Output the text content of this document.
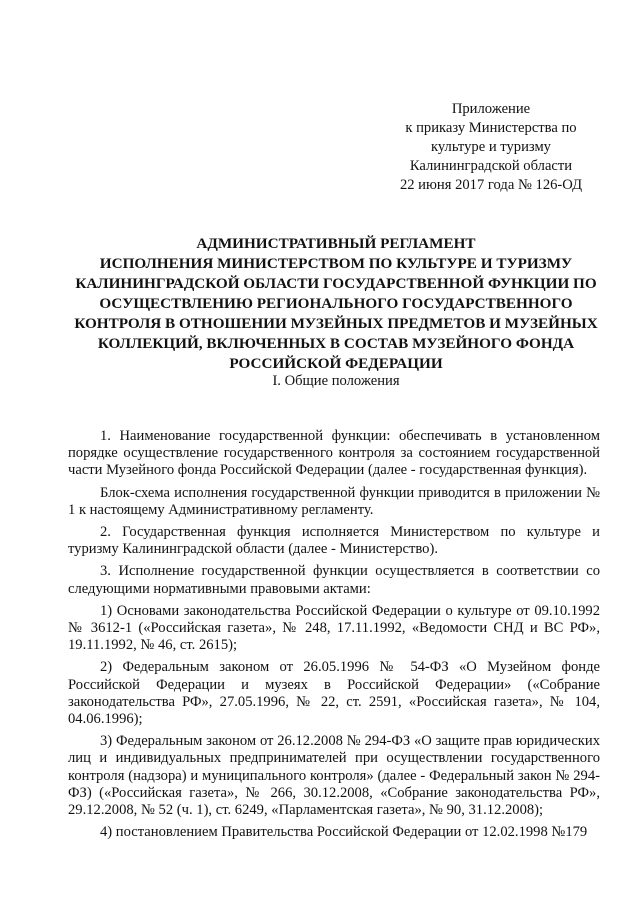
Приложение
к приказу Министерства по
культуре и туризму
Калининградской области
22 июня 2017 года № 126-ОД
АДМИНИСТРАТИВНЫЙ РЕГЛАМЕНТ
ИСПОЛНЕНИЯ МИНИСТЕРСТВОМ ПО КУЛЬТУРЕ И ТУРИЗМУ
КАЛИНИНГРАДСКОЙ ОБЛАСТИ ГОСУДАРСТВЕННОЙ ФУНКЦИИ ПО
ОСУЩЕСТВЛЕНИЮ РЕГИОНАЛЬНОГО ГОСУДАРСТВЕННОГО
КОНТРОЛЯ В ОТНОШЕНИИ МУЗЕЙНЫХ ПРЕДМЕТОВ И МУЗЕЙНЫХ
КОЛЛЕКЦИЙ, ВКЛЮЧЕННЫХ В СОСТАВ МУЗЕЙНОГО ФОНДА
РОССИЙСКОЙ ФЕДЕРАЦИИ
I. Общие положения

1. Наименование государственной функции: обеспечивать в установленном порядке осуществление государственного контроля за состоянием государственной части Музейного фонда Российской Федерации (далее - государственная функция).

Блок-схема исполнения государственной функции приводится в приложении № 1 к настоящему Административному регламенту.

2. Государственная функция исполняется Министерством по культуре и туризму Калининградской области (далее - Министерство).

3. Исполнение государственной функции осуществляется в соответствии со следующими нормативными правовыми актами:

1) Основами законодательства Российской Федерации о культуре от 09.10.1992 № 3612-1 («Российская газета», № 248, 17.11.1992, «Ведомости СНД и ВС РФ», 19.11.1992, № 46, ст. 2615);

2) Федеральным законом от 26.05.1996 № 54-ФЗ «О Музейном фонде Российской Федерации и музеях в Российской Федерации» («Собрание законодательства РФ», 27.05.1996, № 22, ст. 2591, «Российская газета», № 104, 04.06.1996);

3) Федеральным законом от 26.12.2008 № 294-ФЗ «О защите прав юридических лиц и индивидуальных предпринимателей при осуществлении государственного контроля (надзора) и муниципального контроля» (далее - Федеральный закон № 294-ФЗ) («Российская газета», № 266, 30.12.2008, «Собрание законодательства РФ», 29.12.2008, № 52 (ч. 1), ст. 6249, «Парламентская газета», № 90, 31.12.2008);

4) постановлением Правительства Российской Федерации от 12.02.1998 №179
